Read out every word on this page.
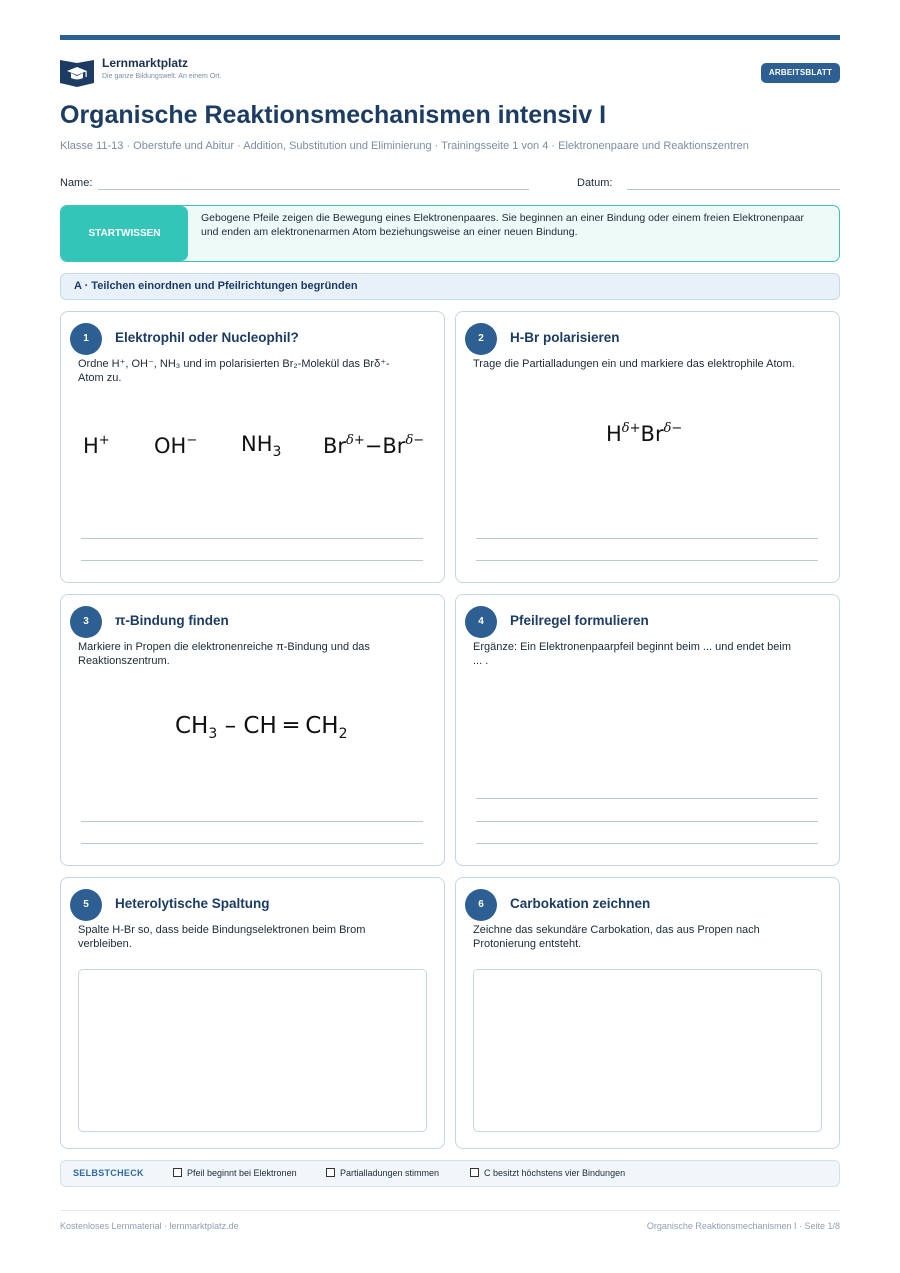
Lernmarktplatz
Die ganze Bildungswelt. An einem Ort.	ARBEITSBLATT
Organische Reaktionsmechanismen intensiv I
Klasse 11-13 · Oberstufe und Abitur · Addition, Substitution und Eliminierung · Trainingsseite 1 von 4 · Elektronenpaare und Reaktionszentren
Name:	Datum:
STARTWISSEN
Gebogene Pfeile zeigen die Bewegung eines Elektronenpaares. Sie beginnen an einer Bindung oder einem freien Elektronenpaar und enden am elektronenarmen Atom beziehungsweise an einer neuen Bindung.
A · Teilchen einordnen und Pfeilrichtungen begründen
1	Elektrophil oder Nucleophil?
Ordne H⁺, OH⁻, NH₃ und im polarisierten Br₂-Molekül das Brδ⁺-Atom zu.
H+ OH− $NH_3$ $Br^{\delta+}-Br^{\delta-}$
2	H-Br polarisieren
Trage die Partialladungen ein und markiere das elektrophile Atom.
$H^{\delta+}Br^{\delta-}$
3	π-Bindung finden
Markiere in Propen die elektronenreiche π-Bindung und das Reaktionszentrum.
$CH_3$ – CH ═ $CH_2$
4	Pfeilregel formulieren
Ergänze: Ein Elektronenpaarpfeil beginnt beim ... und endet beim ... .
5	Heterolytische Spaltung
Spalte H-Br so, dass beide Bindungselektronen beim Brom verbleiben.
6	Carbokation zeichnen
Zeichne das sekundäre Carbokation, das aus Propen nach Protonierung entsteht.
SELBSTCHECK	Pfeil beginnt bei Elektronen	Partialladungen stimmen	C besitzt höchstens vier Bindungen
Kostenloses Lernmaterial · lernmarktplatz.de	Organische Reaktionsmechanismen I · Seite 1/8
